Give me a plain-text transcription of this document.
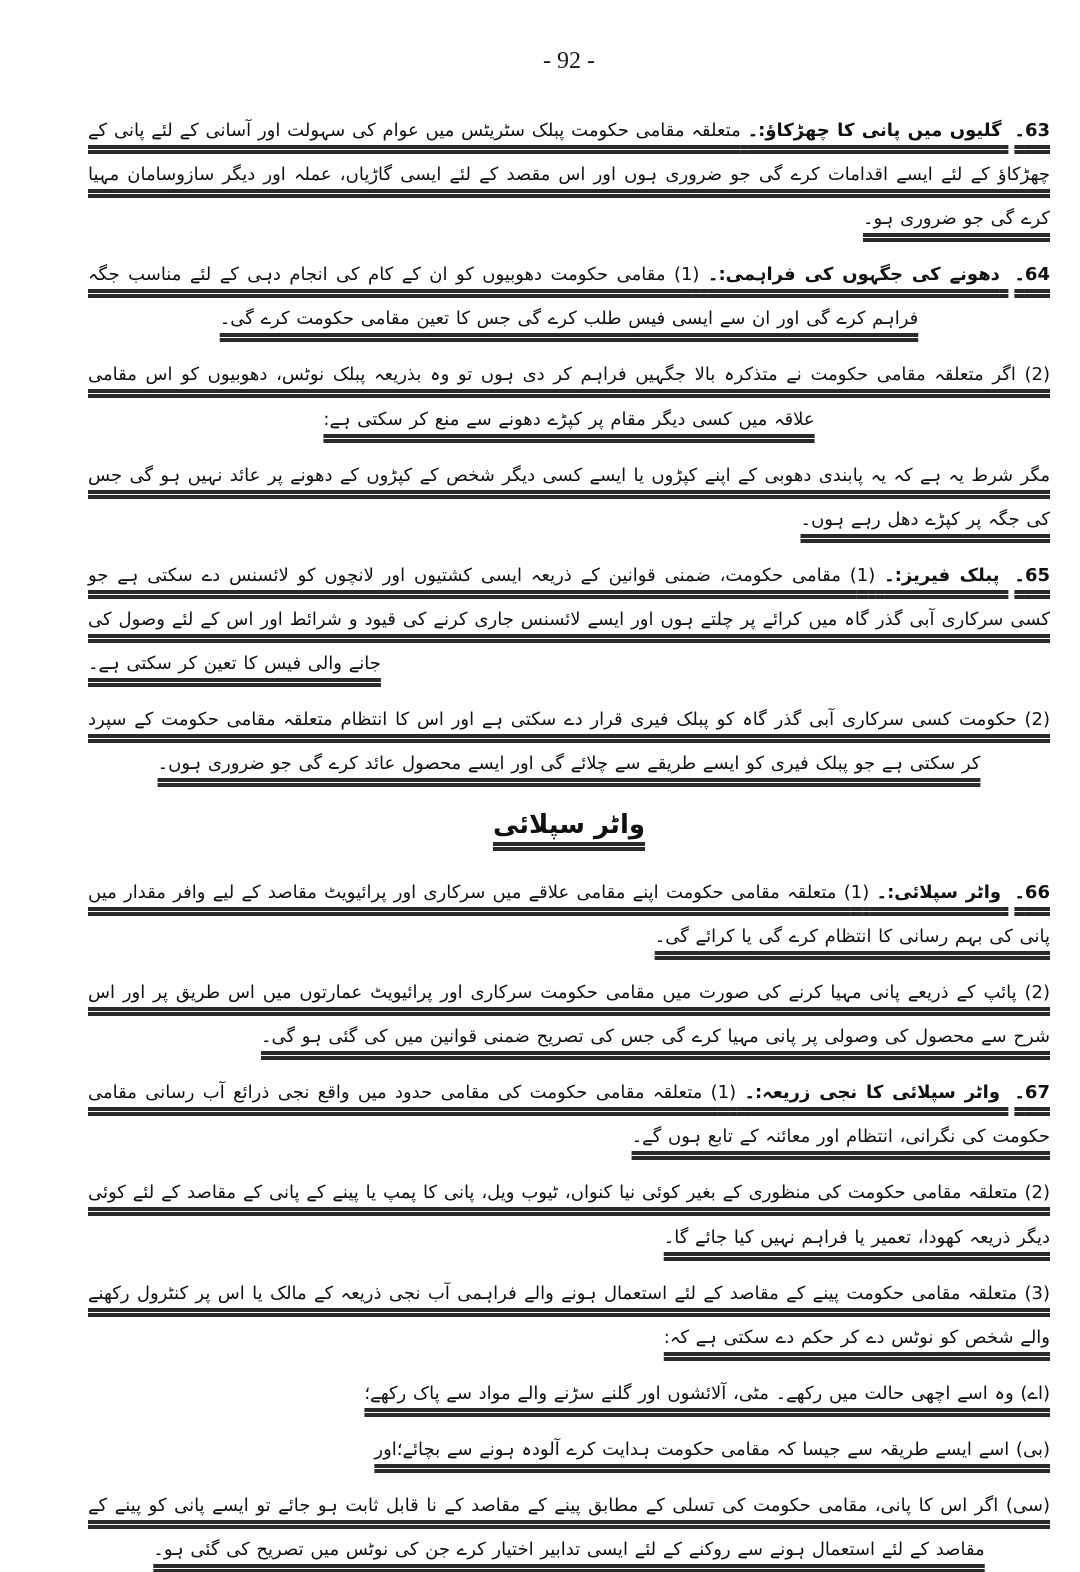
- 92 -

63۔ گلیوں میں پانی کا چھڑکاؤ:۔ متعلقہ مقامی حکومت پبلک سٹریٹس میں عوام کی سہولت اور آسانی کے لئے پانی کے چھڑکاؤ کے لئے ایسے اقدامات کرے گی جو ضروری ہوں اور اس مقصد کے لئے ایسی گاڑیاں، عملہ اور دیگر سازوسامان مہیا کرے گی جو ضروری ہو۔

64۔ دھونے کی جگہوں کی فراہمی:۔ (1) مقامی حکومت دھوبیوں کو ان کے کام کی انجام دہی کے لئے مناسب جگہ فراہم کرے گی اور ان سے ایسی فیس طلب کرے گی جس کا تعین مقامی حکومت کرے گی۔

(2) اگر متعلقہ مقامی حکومت نے متذکرہ بالا جگہیں فراہم کر دی ہوں تو وہ بذریعہ پبلک نوٹس، دھوبیوں کو اس مقامی علاقہ میں کسی دیگر مقام پر کپڑے دھونے سے منع کر سکتی ہے:

مگر شرط یہ ہے کہ یہ پابندی دھوبی کے اپنے کپڑوں یا ایسے کسی دیگر شخص کے کپڑوں کے دھونے پر عائد نہیں ہو گی جس کی جگہ پر کپڑے دھل رہے ہوں۔

65۔ پبلک فیریز:۔ (1) مقامی حکومت، ضمنی قوانین کے ذریعہ ایسی کشتیوں اور لانچوں کو لائسنس دے سکتی ہے جو کسی سرکاری آبی گذر گاہ میں کرائے پر چلتے ہوں اور ایسے لائسنس جاری کرنے کی قیود و شرائط اور اس کے لئے وصول کی جانے والی فیس کا تعین کر سکتی ہے۔

(2) حکومت کسی سرکاری آبی گذر گاہ کو پبلک فیری قرار دے سکتی ہے اور اس کا انتظام متعلقہ مقامی حکومت کے سپرد کر سکتی ہے جو پبلک فیری کو ایسے طریقے سے چلائے گی اور ایسے محصول عائد کرے گی جو ضروری ہوں۔

واٹر سپلائی

66۔ واٹر سپلائی:۔ (1) متعلقہ مقامی حکومت اپنے مقامی علاقے میں سرکاری اور پرائیویٹ مقاصد کے لیے وافر مقدار میں پانی کی بہم رسانی کا انتظام کرے گی یا کرائے گی۔

(2) پائپ کے ذریعے پانی مہیا کرنے کی صورت میں مقامی حکومت سرکاری اور پرائیویٹ عمارتوں میں اس طریق پر اور اس شرح سے محصول کی وصولی پر پانی مہیا کرے گی جس کی تصریح ضمنی قوانین میں کی گئی ہو گی۔

67۔ واٹر سپلائی کا نجی زریعہ:۔ (1) متعلقہ مقامی حکومت کی مقامی حدود میں واقع نجی ذرائع آب رسانی مقامی حکومت کی نگرانی، انتظام اور معائنہ کے تابع ہوں گے۔

(2) متعلقہ مقامی حکومت کی منظوری کے بغیر کوئی نیا کنواں، ٹیوب ویل، پانی کا پمپ یا پینے کے پانی کے مقاصد کے لئے کوئی دیگر ذریعہ کھودا، تعمیر یا فراہم نہیں کیا جائے گا۔

(3) متعلقہ مقامی حکومت پینے کے مقاصد کے لئے استعمال ہونے والے فراہمی آب نجی ذریعہ کے مالک یا اس پر کنٹرول رکھنے والے شخص کو نوٹس دے کر حکم دے سکتی ہے کہ:

(اے) وہ اسے اچھی حالت میں رکھے۔ مٹی، آلائشوں اور گلنے سڑنے والے مواد سے پاک رکھے؛

(بی) اسے ایسے طریقہ سے جیسا کہ مقامی حکومت ہدایت کرے آلودہ ہونے سے بچائے؛اور

(سی) اگر اس کا پانی، مقامی حکومت کی تسلی کے مطابق پینے کے مقاصد کے نا قابل ثابت ہو جائے تو ایسے پانی کو پینے کے مقاصد کے لئے استعمال ہونے سے روکنے کے لئے ایسی تدابیر اختیار کرے جن کی نوٹس میں تصریح کی گئی ہو۔
